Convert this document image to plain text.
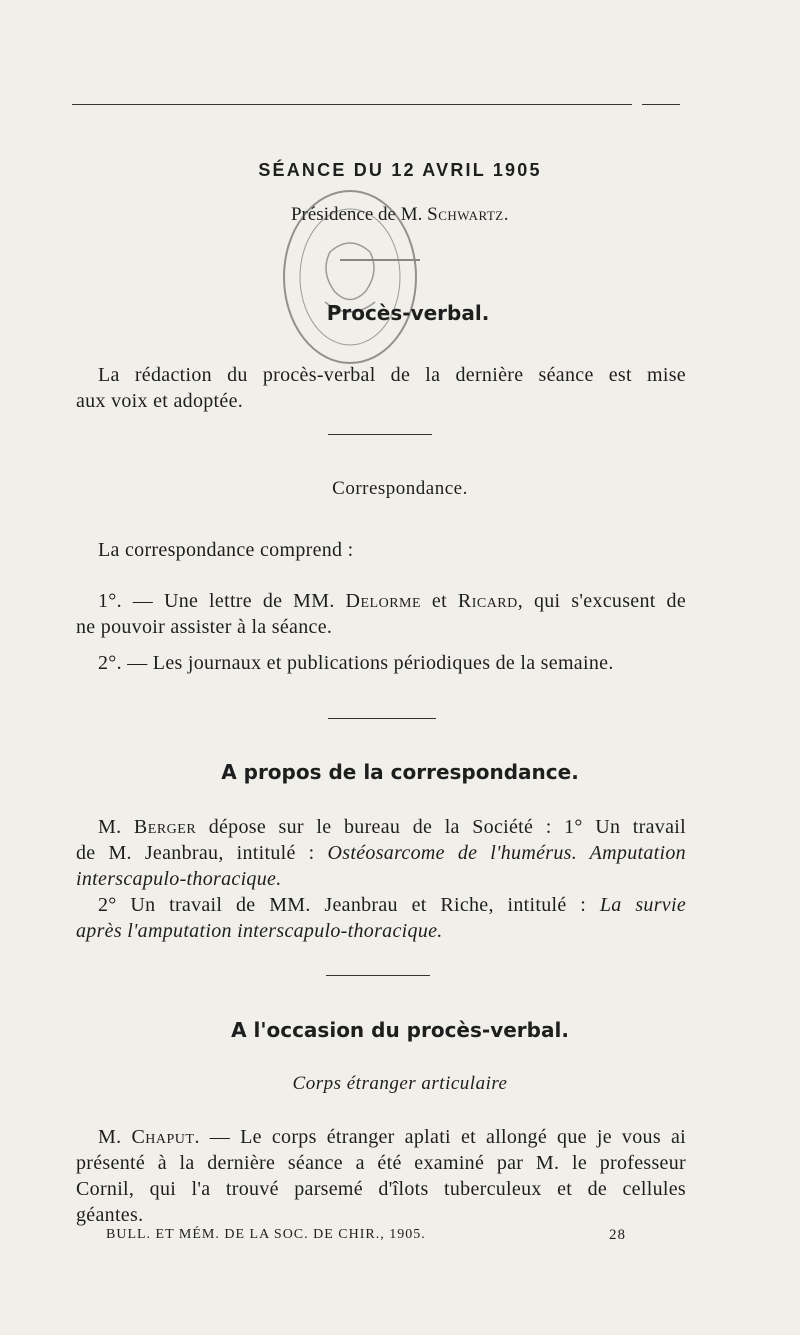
SÉANCE DU 12 AVRIL 1905
Présidence de M. Schwartz.
Procès-verbal.
La rédaction du procès-verbal de la dernière séance est mise
aux voix et adoptée.
Correspondance.
La correspondance comprend :
1°. — Une lettre de MM. Delorme et Ricard, qui s'excusent de
ne pouvoir assister à la séance.
2°. — Les journaux et publications périodiques de la semaine.
A propos de la correspondance.
M. Berger dépose sur le bureau de la Société : 1° Un travail
de M. Jeanbrau, intitulé : Ostéosarcome de l'humérus. Amputation
interscapulo-thoracique.
2° Un travail de MM. Jeanbrau et Riche, intitulé : La survie
après l'amputation interscapulo-thoracique.
A l'occasion du procès-verbal.
Corps étranger articulaire
M. Chaput. — Le corps étranger aplati et allongé que je vous ai
présenté à la dernière séance a été examiné par M. le professeur
Cornil, qui l'a trouvé parsemé d'îlots tuberculeux et de cellules
géantes.
BULL. ET MÉM. DE LA SOC. DE CHIR., 1905.	28
